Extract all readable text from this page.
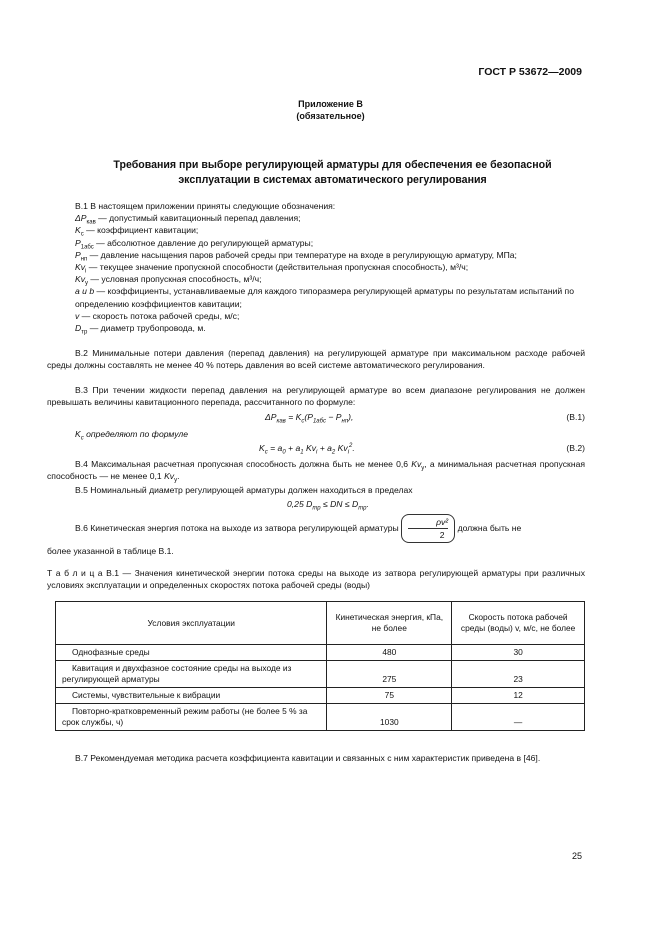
ГОСТ Р 53672—2009
Приложение В
(обязательное)
Требования при выборе регулирующей арматуры для обеспечения ее безопасной эксплуатации в системах автоматического регулирования

В.1 В настоящем приложении приняты следующие обозначения:

$\Delta P_{кав}$ — допустимый кавитационный перепад давления;

$K_c$ — коэффициент кавитации;

$P_{1абс}$ — абсолютное давление до регулирующей арматуры;

$P_{нп}$ — давление насыщения паров рабочей среды при температуре на входе в регулирующую арматуру, МПа;

$Kv_i$ — текущее значение пропускной способности (действительная пропускная способность), м³/ч;

$Kv_y$ — условная пропускная способность, м³/ч;

a и b — коэффициенты, устанавливаемые для каждого типоразмера регулирующей арматуры по результатам испытаний по определению коэффициентов кавитации;

v — скорость потока рабочей среды, м/с;

$D_{тр}$ — диаметр трубопровода, м.

В.2 Минимальные потери давления (перепад давления) на регулирующей арматуре при максимальном расходе рабочей среды должны составлять не менее 40 % потерь давления во всей системе автоматического регулирования.

В.3 При течении жидкости перепад давления на регулирующей арматуре во всем диапазоне регулирования не должен превышать величины кавитационного перепада, рассчитанного по формуле:

$\Delta P_{кав} = K_c(P_{1абс} - P_{нп})$,	(В.1)

$K_c$ определяют по формуле

$K_c = a_0 + a_1$ $Kv_i + a_2$ $Kv_i^2$.	(В.2)

В.4 Максимальная расчетная пропускная способность должна быть не менее 0,6 $Kv_y$, а минимальная расчетная пропускная способность — не менее 0,1 $Kv_y$.

В.5 Номинальный диаметр регулирующей арматуры должен находиться в пределах

0,25 $D_{тр}$ ≤ DN ≤ $D_{тр}$.

В.6 Кинетическая энергия потока на выходе из затвора регулирующей арматуры $\frac{\text{ρv²}}{2}$ должна быть не

более указанной в таблице В.1.

Т а б л и ц а В.1 — Значения кинетической энергии потока среды на выходе из затвора регулирующей арматуры при различных условиях эксплуатации и определенных скоростях потока рабочей среды (воды)

Условия эксплуатации	Кинетическая энергия, кПа, не более	Скорость потока рабочей среды (воды) v, м/с, не более
Однофазные среды	480	30
Кавитация и двухфазное состояние среды на выходе из регулирующей арматуры	275	23
Системы, чувствительные к вибрации	75	12
Повторно-кратковременный режим работы (не более 5 % за срок службы, ч)	1030	—

В.7 Рекомендуемая методика расчета коэффициента кавитации и связанных с ним характеристик приведена в [46].

25
